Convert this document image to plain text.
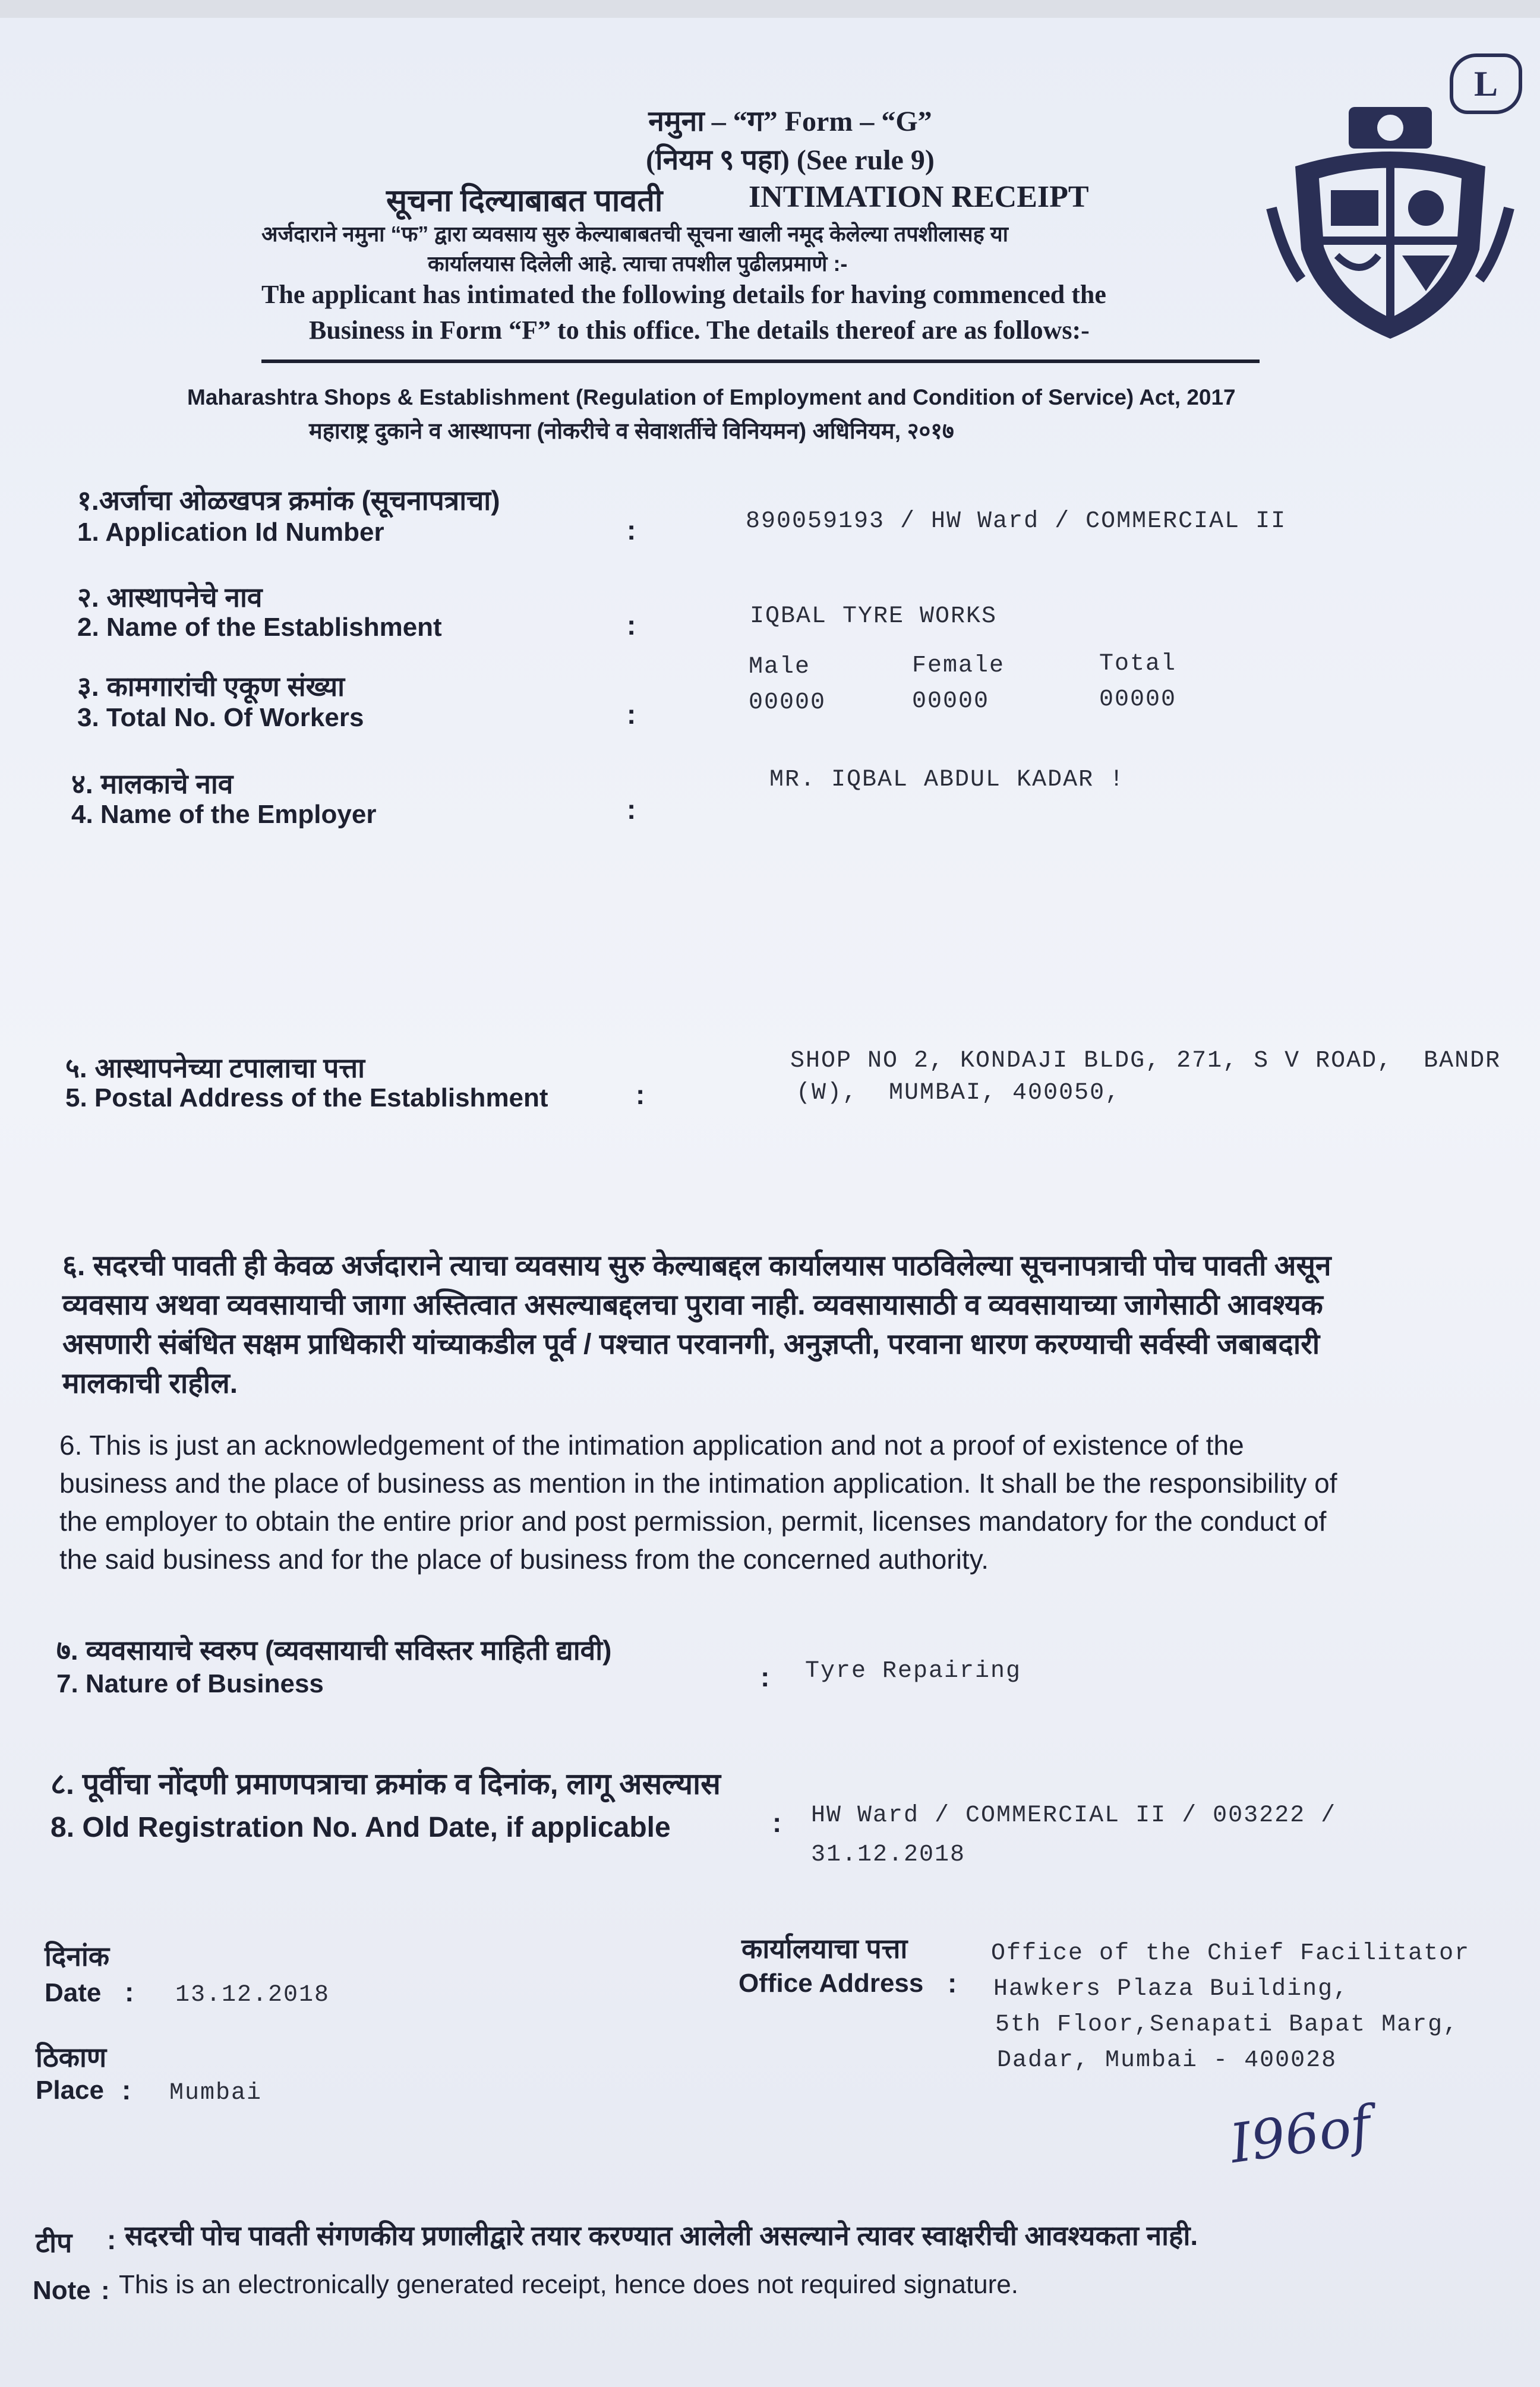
L
नमुना – “ग” Form – “G”
(नियम ९ पहा) (See rule 9)
सूचना दिल्याबाबत पावती	INTIMATION RECEIPT
अर्जदाराने नमुना “फ” द्वारा व्यवसाय सुरु केल्याबाबतची सूचना खाली नमूद केलेल्या तपशीलासह या
कार्यालयास दिलेली आहे. त्याचा तपशील पुढीलप्रमाणे :-
The applicant has intimated the following details for having commenced the
Business in Form “F” to this office. The details thereof are as follows:-
Maharashtra Shops & Establishment (Regulation of Employment and Condition of Service) Act, 2017
महाराष्ट्र दुकाने व आस्थापना (नोकरीचे व सेवाशर्तीचे विनियमन) अधिनियम, २०१७
१.अर्जाचा ओळखपत्र क्रमांक (सूचनापत्राचा)
1. Application Id Number	:	890059193 / HW Ward / COMMERCIAL II
२. आस्थापनेचे नाव
2. Name of the Establishment	:	IQBAL TYRE WORKS
Male	Female	Total
३. कामगारांची एकूण संख्या
3. Total No. Of Workers	:	00000	00000	00000
४. मालकाचे नाव
4. Name of the Employer	:
MR. IQBAL ABDUL KADAR !
५. आस्थापनेच्या टपालाचा पत्ता
5. Postal Address of the Establishment	:
SHOP NO 2, KONDAJI BLDG, 271, S V ROAD,  BANDR
(W),  MUMBAI, 400050,
६. सदरची पावती ही केवळ अर्जदाराने त्याचा व्यवसाय सुरु केल्याबद्दल कार्यालयास पाठविलेल्या सूचनापत्राची पोच पावती असून व्यवसाय अथवा व्यवसायाची जागा अस्तित्वात असल्याबद्दलचा पुरावा नाही. व्यवसायासाठी व व्यवसायाच्या जागेसाठी आवश्यक असणारी संबंधित सक्षम प्राधिकारी यांच्याकडील पूर्व / पश्चात परवानगी, अनुज्ञप्ती, परवाना धारण करण्याची सर्वस्वी जबाबदारी मालकाची राहील.
6. This is just an acknowledgement of the intimation application and not a proof of existence of the business and the place of business as mention in the intimation application. It shall be the responsibility of the employer to obtain the entire prior and post permission, permit, licenses mandatory for the conduct of the said business and for the place of business from the concerned authority.
७. व्यवसायाचे स्वरुप (व्यवसायाची सविस्तर माहिती द्यावी)
7. Nature of Business	: Tyre Repairing
८. पूर्वीचा नोंदणी प्रमाणपत्राचा क्रमांक व दिनांक, लागू असल्यास
8. Old Registration No. And Date, if applicable	: HW Ward / COMMERCIAL II / 003222 /
31.12.2018
दिनांक
Date : 13.12.2018
ठिकाण
Place : Mumbai
कार्यालयाचा पत्ता
Office Address :
Office of the Chief Facilitator
Hawkers Plaza Building,
5th Floor,Senapati Bapat Marg,
Dadar, Mumbai - 400028
I96of
टीप : सदरची पोच पावती संगणकीय प्रणालीद्वारे तयार करण्यात आलेली असल्याने त्यावर स्वाक्षरीची आवश्यकता नाही.
Note : This is an electronically generated receipt, hence does not required signature.
